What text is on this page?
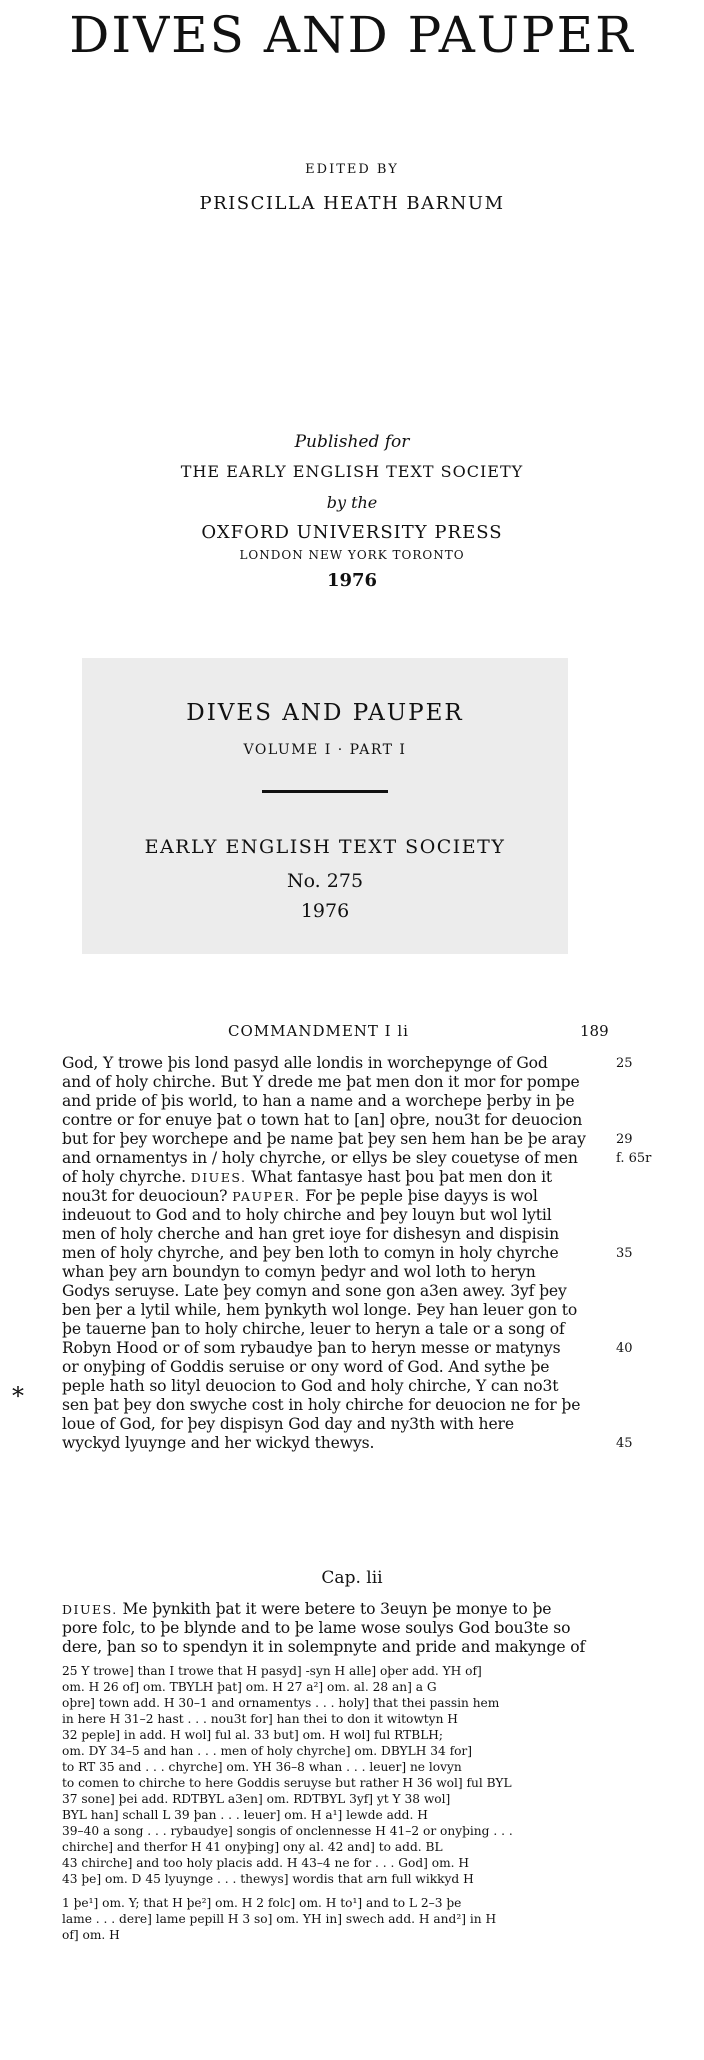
DIVES AND PAUPER
EDITED BY
PRISCILLA HEATH BARNUM
Published for
THE EARLY ENGLISH TEXT SOCIETY
by the
OXFORD UNIVERSITY PRESS
LONDON NEW YORK TORONTO
1976
DIVES AND PAUPER
VOLUME I · PART I
EARLY ENGLISH TEXT SOCIETY
No. 275
1976
COMMANDMENT I li	189
God, Y trowe þis lond pasyd alle londis in worchepynge of God
and of holy chirche. But Y drede me þat men don it mor for pompe
and pride of þis world, to han a name and a worchepe þerby in þe
contre or for enuye þat o town hat to [an] oþre, nou3t for deuocion
but for þey worchepe and þe name þat þey sen hem han be þe aray
and ornamentys in / holy chyrche, or ellys be sley couetyse of men
of holy chyrche. DIUES. What fantasye hast þou þat men don it
nou3t for deuocioun? PAUPER. For þe peple þise dayys is wol
indeuout to God and to holy chirche and þey louyn but wol lytil
men of holy cherche and han gret ioye for dishesyn and dispisin
men of holy chyrche, and þey ben loth to comyn in holy chyrche
whan þey arn boundyn to comyn þedyr and wol loth to heryn
Godys seruyse. Late þey comyn and sone gon a3en awey. 3yf þey
ben þer a lytil while, hem þynkyth wol longe. Þey han leuer gon to
þe tauerne þan to holy chirche, leuer to heryn a tale or a song of
Robyn Hood or of som rybaudye þan to heryn messe or matynys
or onyþing of Goddis seruise or ony word of God. And sythe þe
peple hath so lityl deuocion to God and holy chirche, Y can no3t
sen þat þey don swyche cost in holy chirche for deuocion ne for þe
loue of God, for þey dispisyn God day and ny3th with here
wyckyd lyuynge and her wickyd thewys.
25
29
f. 65r
35
40
45
*
Cap. lii
DIUES. Me þynkith þat it were betere to 3euyn þe monye to þe
pore folc, to þe blynde and to þe lame wose soulys God bou3te so
dere, þan so to spendyn it in solempnyte and pride and makynge of
25 Y trowe] than I trowe that H pasyd] -syn H alle] oþer add. YH of]
om. H 26 of] om. TBYLH þat] om. H 27 a²] om. al. 28 an] a G
oþre] town add. H 30–1 and ornamentys . . . holy] that thei passin hem
in here H 31–2 hast . . . nou3t for] han thei to don it witowtyn H
32 peple] in add. H wol] ful al. 33 but] om. H wol] ful RTBLH;
om. DY 34–5 and han . . . men of holy chyrche] om. DBYLH 34 for]
to RT 35 and . . . chyrche] om. YH 36–8 whan . . . leuer] ne lovyn
to comen to chirche to here Goddis seruyse but rather H 36 wol] ful BYL
37 sone] þei add. RDTBYL a3en] om. RDTBYL 3yf] yt Y 38 wol]
BYL han] schall L 39 þan . . . leuer] om. H a¹] lewde add. H
39–40 a song . . . rybaudye] songis of onclennesse H 41–2 or onyþing . . .
chirche] and therfor H 41 onyþing] ony al. 42 and] to add. BL
43 chirche] and too holy placis add. H 43–4 ne for . . . God] om. H
43 þe] om. D 45 lyuynge . . . thewys] wordis that arn full wikkyd H
1 þe¹] om. Y; that H þe²] om. H 2 folc] om. H to¹] and to L 2–3 þe
lame . . . dere] lame pepill H 3 so] om. YH in] swech add. H and²] in H
of] om. H
